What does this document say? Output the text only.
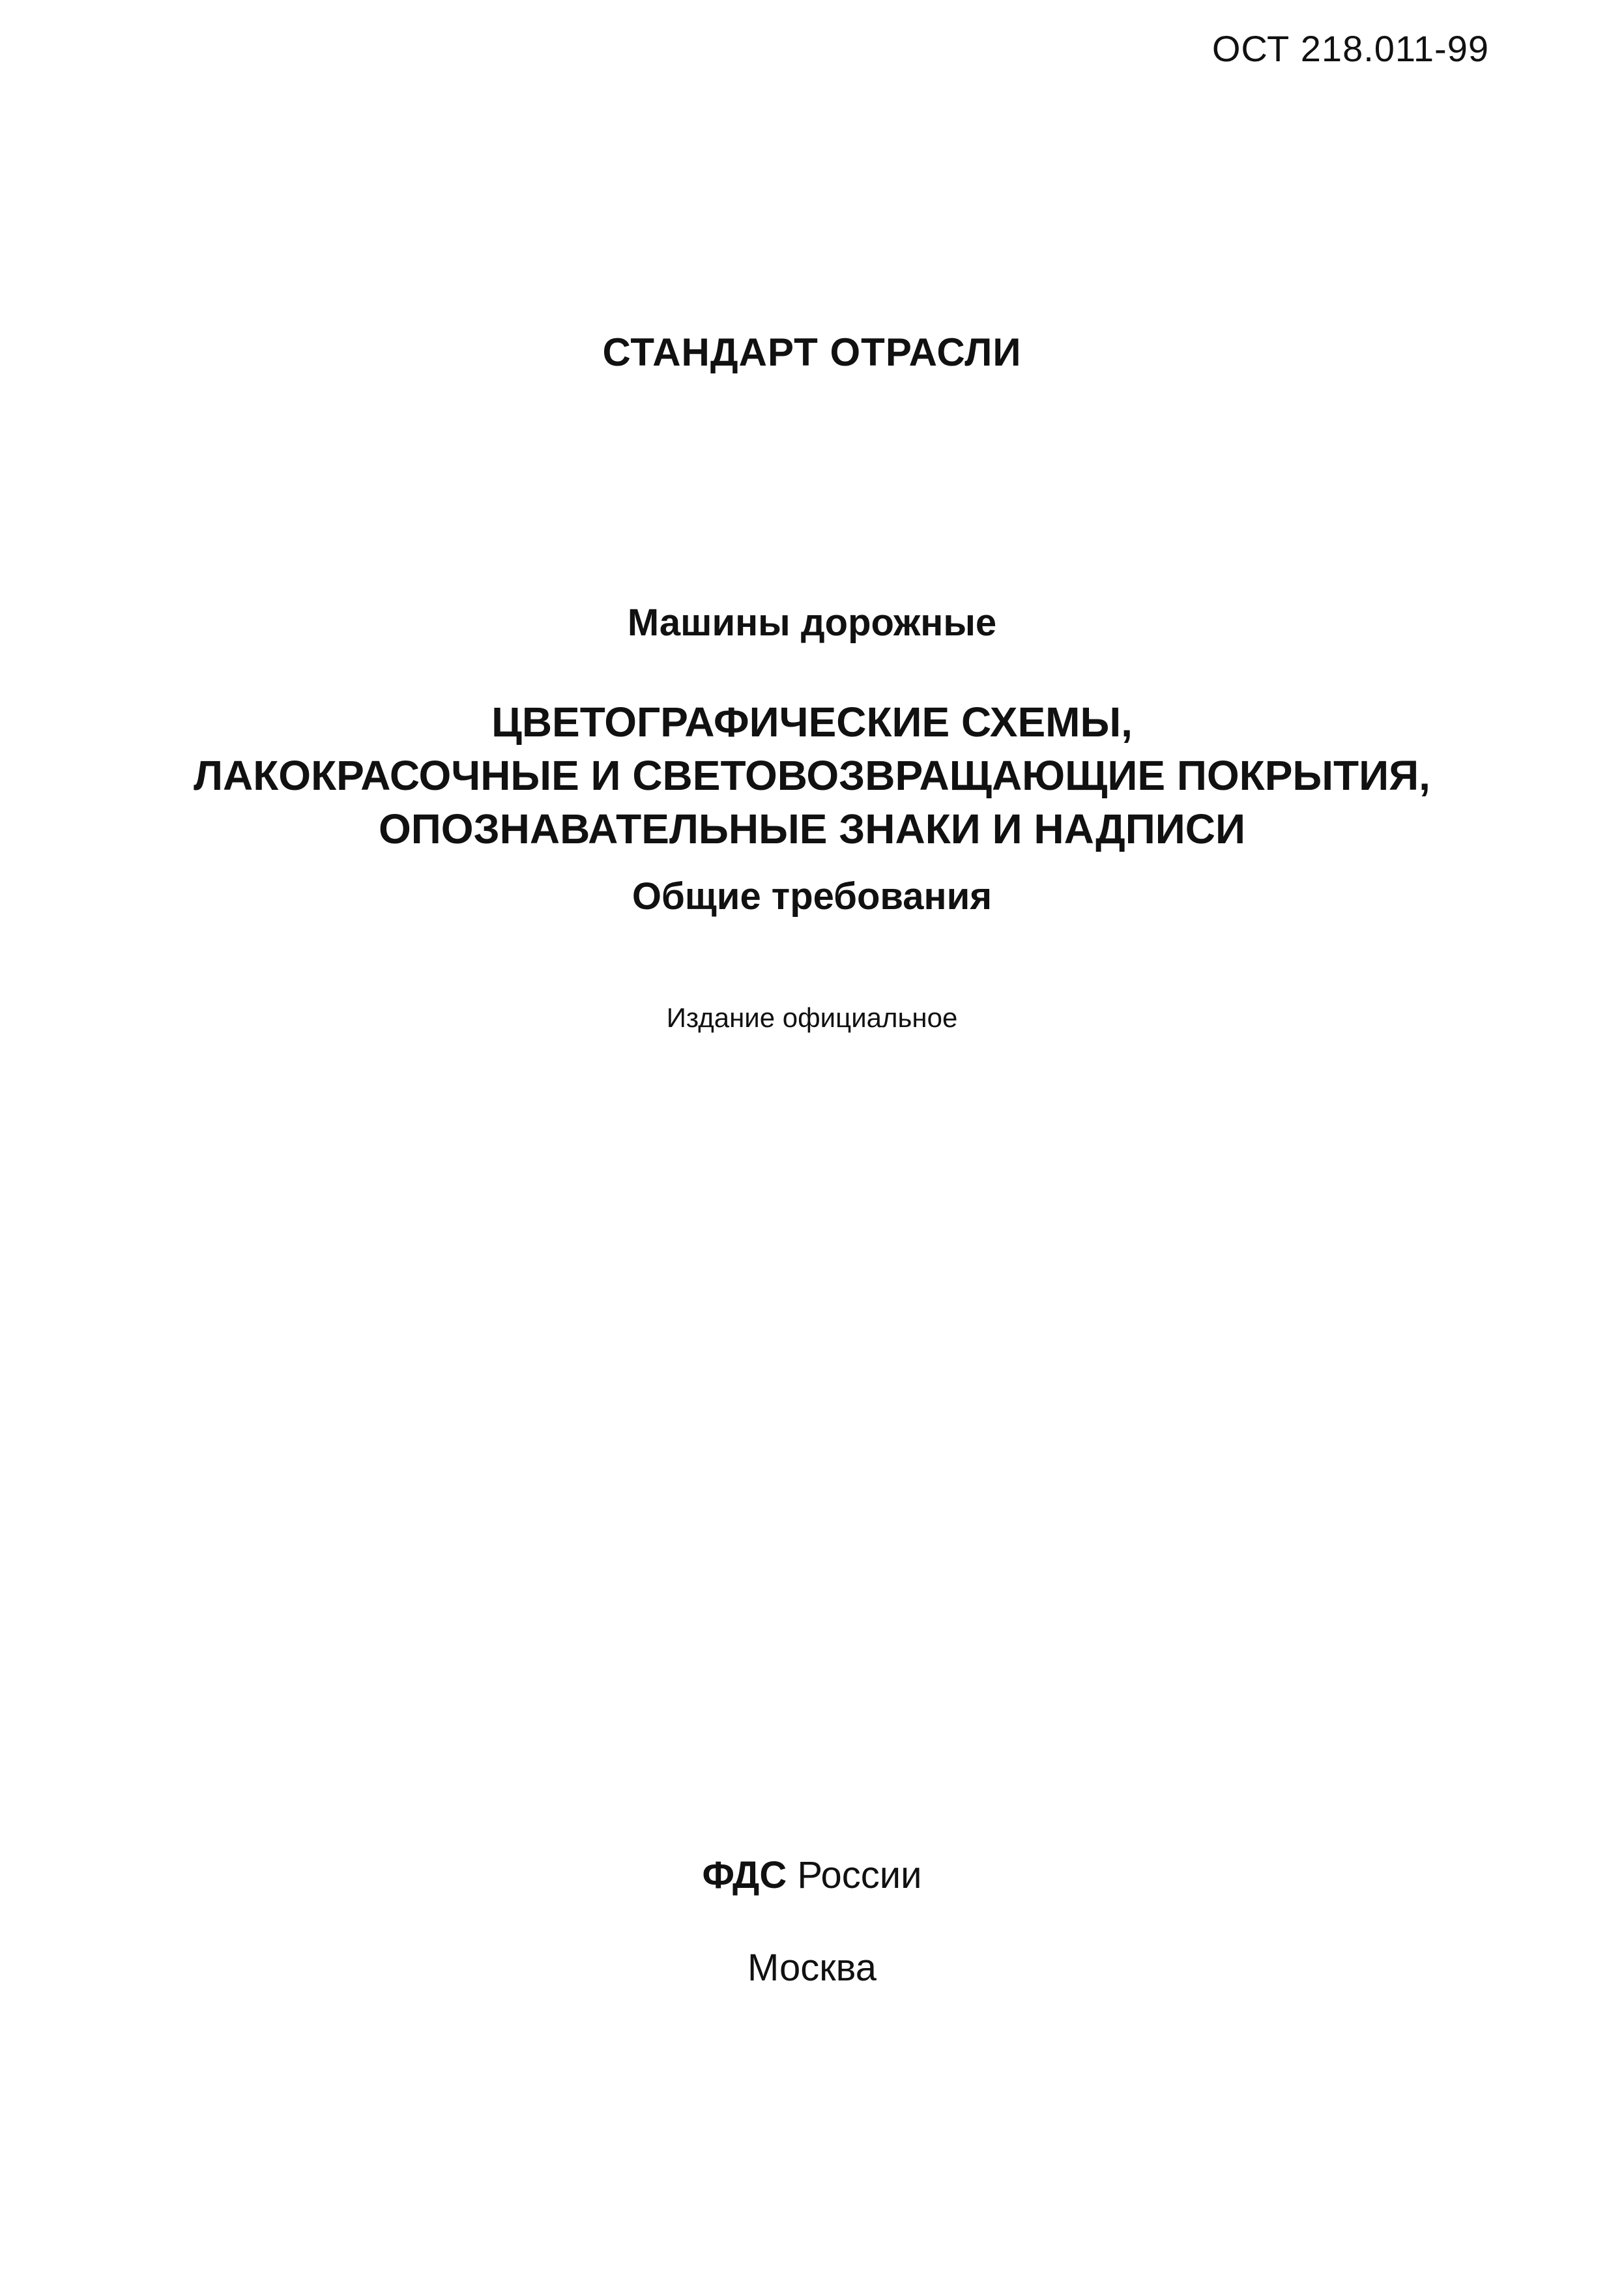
ОСТ 218.011-99
СТАНДАРТ ОТРАСЛИ
Машины дорожные
ЦВЕТОГРАФИЧЕСКИЕ СХЕМЫ,
ЛАКОКРАСОЧНЫЕ И СВЕТОВОЗВРАЩАЮЩИЕ ПОКРЫТИЯ,
ОПОЗНАВАТЕЛЬНЫЕ ЗНАКИ И НАДПИСИ
Общие требования
Издание официальное
ФДС России
Москва
